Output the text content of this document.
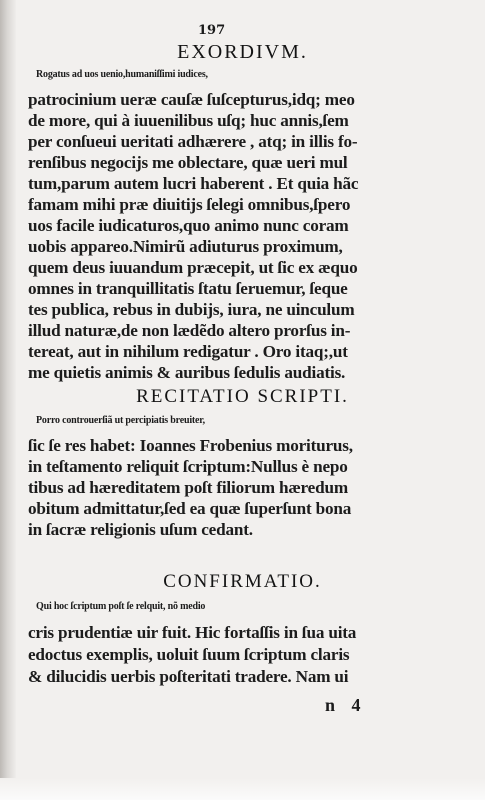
197
EXORDIVM.
Rogatus ad uos uenio,humaniſſimi iudices,
patrocinium ueræ cauſæ ſuſcepturus,idq; meo
de more, qui à iuuenilibus uſq; huc annis,ſem
per conſueui ueritati adhærere , atq; in illis fo-
renſibus negocijs me oblectare, quæ ueri mul
tum,parum autem lucri haberent . Et quia hãc
famam mihi præ diuitijs ſelegi omnibus,ſpero
uos facile iudicaturos,quo animo nunc coram
uobis appareo.Nimirũ adiuturus proximum,
quem deus iuuandum præcepit, ut ſic ex æquo
omnes in tranquillitatis ſtatu ſeruemur, ſeque
tes publica, rebus in dubijs, iura, ne uinculum
illud naturæ,de non lædẽdo altero prorſus in-
tereat, aut in nihilum redigatur . Oro itaq;,ut
me quietis animis & auribus ſedulis audiatis.
RECITATIO SCRIPTI.
Porro controuerſiã ut percipiatis breuiter,
ſic ſe res habet: Ioannes Frobenius moriturus,
in teſtamento reliquit ſcriptum:Nullus è nepo
tibus ad hæreditatem poſt filiorum hæredum
obitum admittatur,ſed ea quæ ſuperſunt bona
in ſacræ religionis uſum cedant.
CONFIRMATIO.
Qui hoc ſcriptum poſt ſe relquit, nõ medio
cris prudentiæ uir fuit. Hic fortaſſis in ſua uita
edoctus exemplis, uoluit ſuum ſcriptum claris
& dilucidis uerbis poſteritati tradere. Nam ui
n 4
